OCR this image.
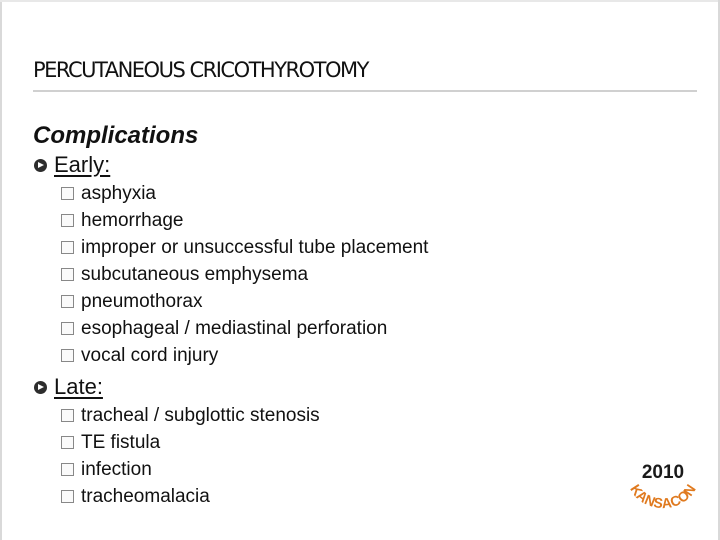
PERCUTANEOUS CRICOTHYROTOMY
Complications
Early:
asphyxia
hemorrhage
improper or unsuccessful tube placement
subcutaneous emphysema
pneumothorax
esophageal / mediastinal perforation
vocal cord injury
Late:
tracheal / subglottic stenosis
TE fistula
infection
tracheomalacia
2010
KANSACON
